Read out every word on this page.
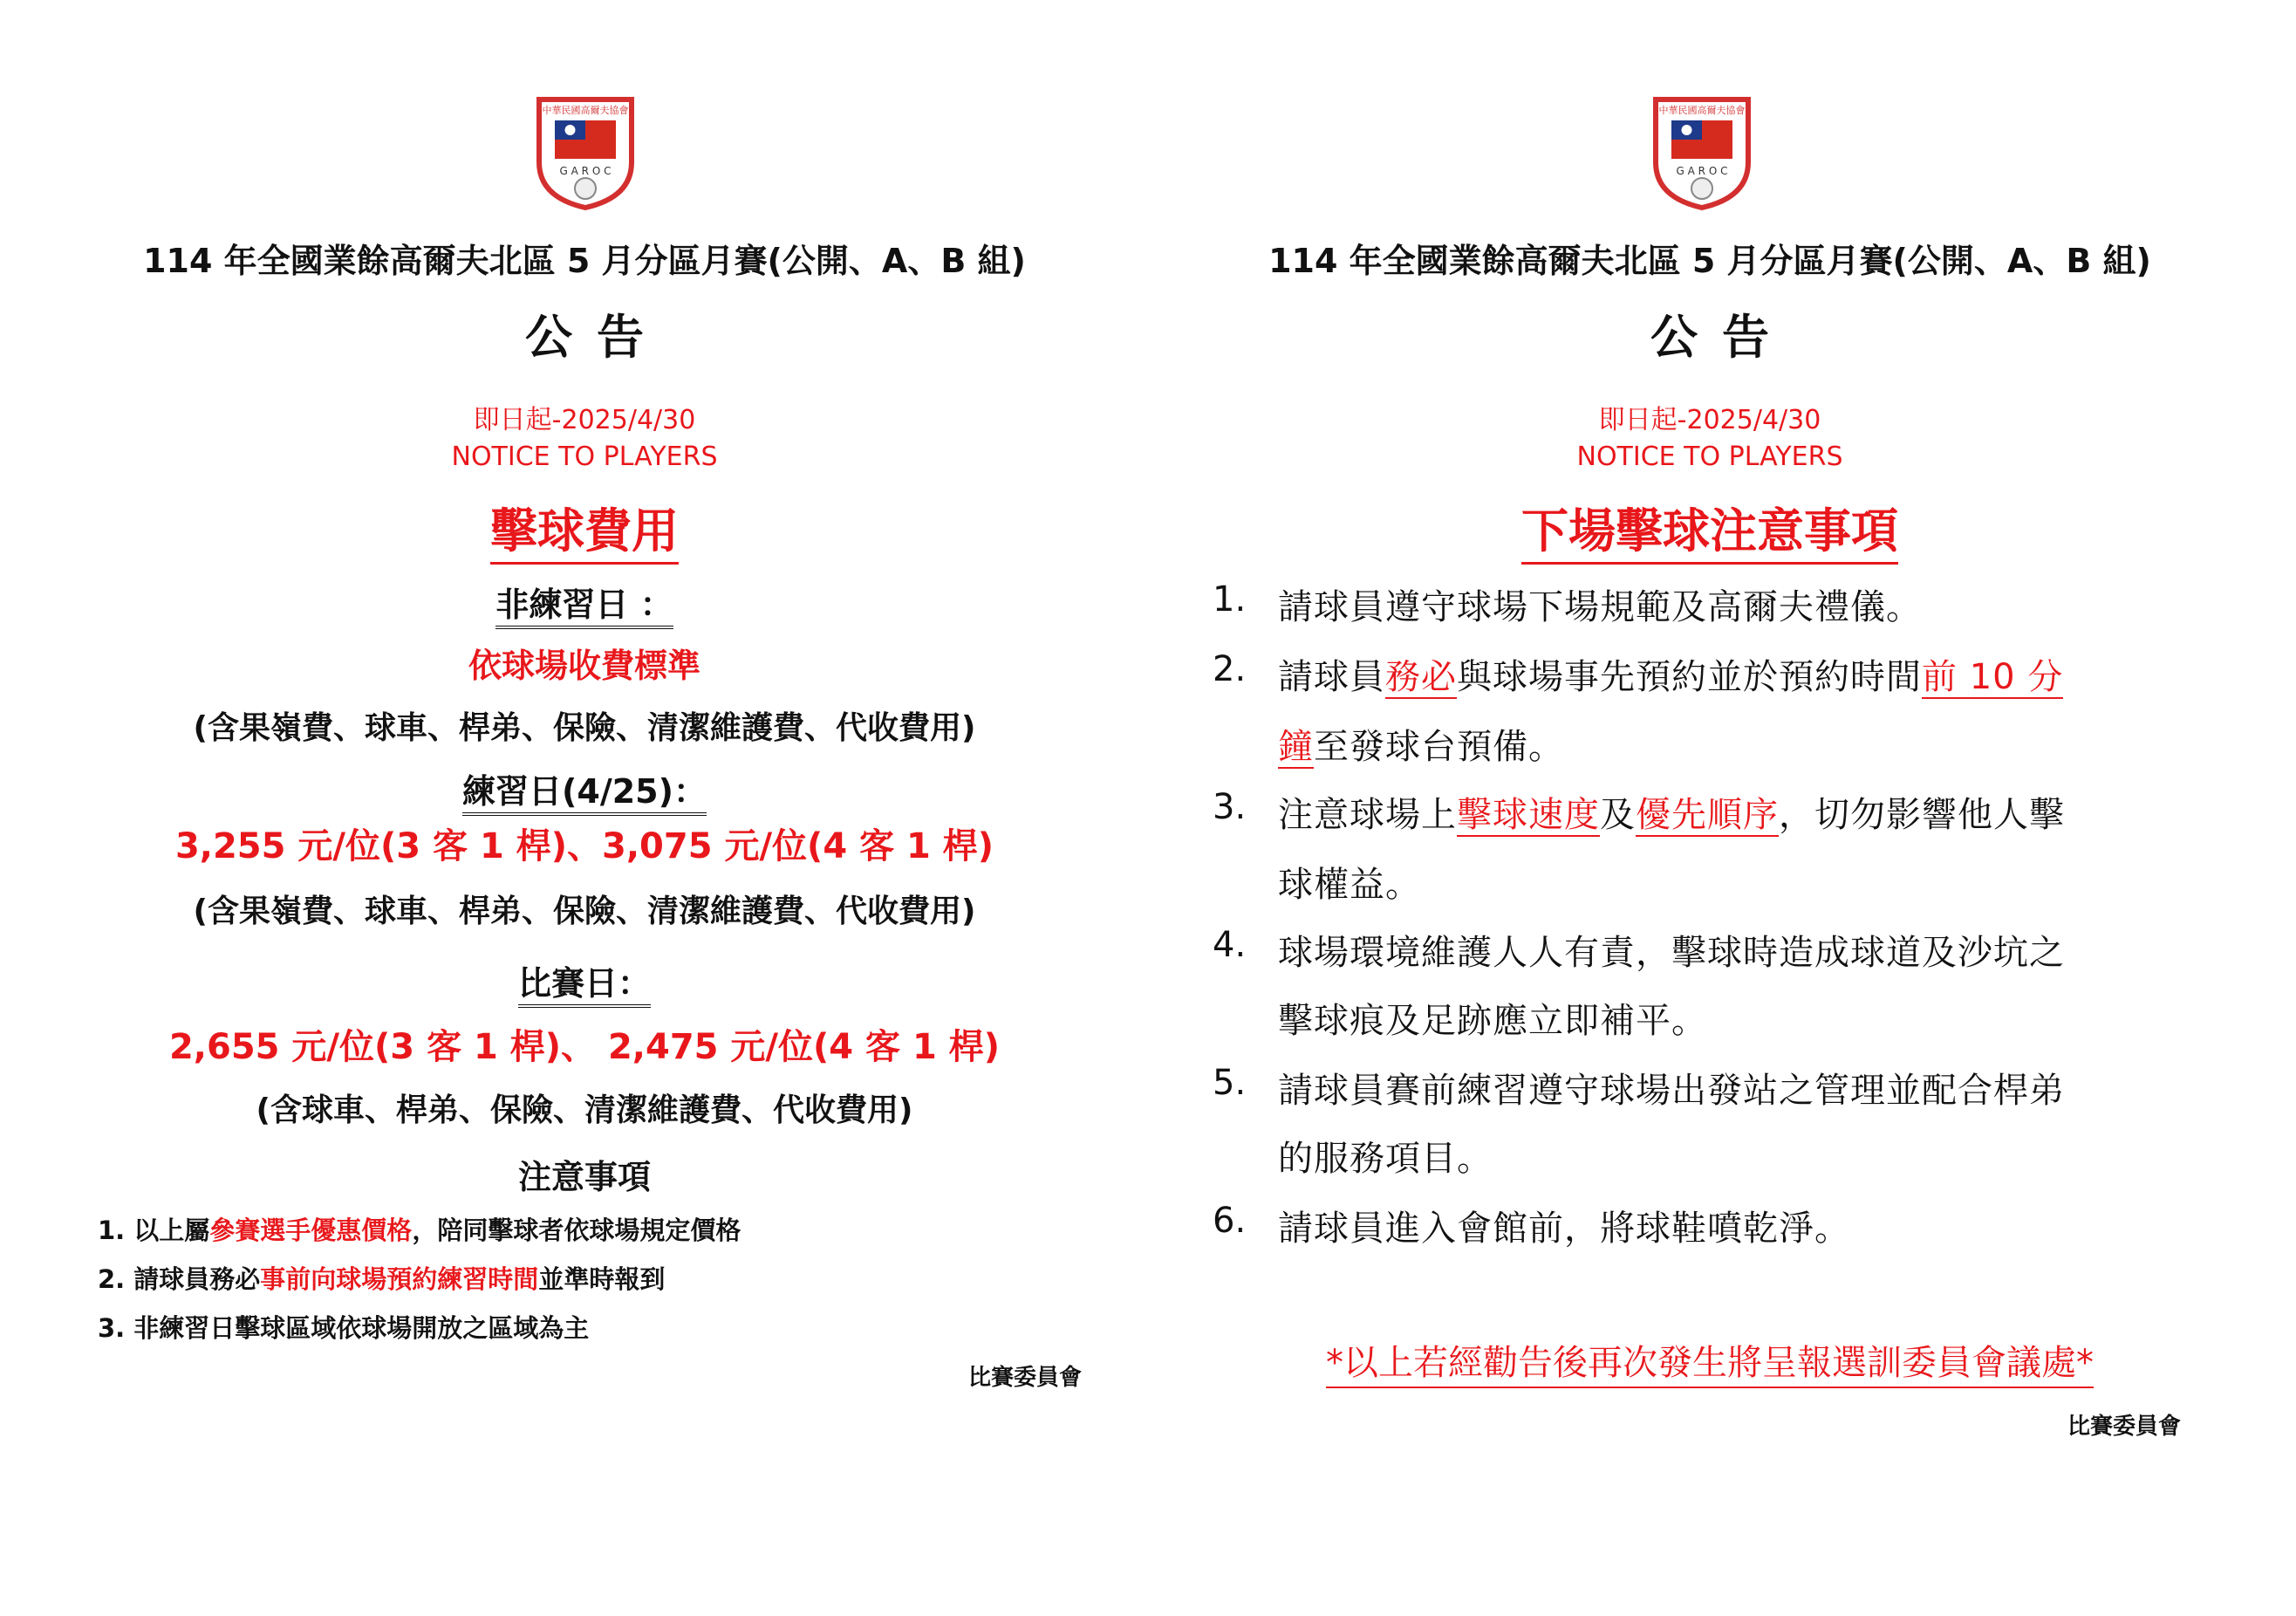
中華民國高爾夫協會
G A R O C
114 年全國業餘高爾夫北區 5 月分區月賽(公開、A、B 組)
公告
即日起-2025/4/30
NOTICE TO PLAYERS
擊球費用
非練習日 ：
依球場收費標準
(含果嶺費、球車、桿弟、保險、清潔維護費、代收費用)
練習日(4/25)：
3,255 元/位(3 客 1 桿)、3,075 元/位(4 客 1 桿)
(含果嶺費、球車、桿弟、保險、清潔維護費、代收費用)
比賽日：
2,655 元/位(3 客 1 桿)、 2,475 元/位(4 客 1 桿)
(含球車、桿弟、保險、清潔維護費、代收費用)
注意事項
1. 以上屬參賽選手優惠價格，陪同擊球者依球場規定價格
2. 請球員務必事前向球場預約練習時間並準時報到
3. 非練習日擊球區域依球場開放之區域為主
比賽委員會
中華民國高爾夫協會
G A R O C
114 年全國業餘高爾夫北區 5 月分區月賽(公開、A、B 組)
公告
即日起-2025/4/30
NOTICE TO PLAYERS
下場擊球注意事項
1. 請球員遵守球場下場規範及高爾夫禮儀。
2. 請球員務必與球場事先預約並於預約時間前 10 分
鐘至發球台預備。
3. 注意球場上擊球速度及優先順序，切勿影響他人擊
球權益。
4. 球場環境維護人人有責，擊球時造成球道及沙坑之
擊球痕及足跡應立即補平。
5. 請球員賽前練習遵守球場出發站之管理並配合桿弟
的服務項目。
6. 請球員進入會館前，將球鞋噴乾淨。
*以上若經勸告後再次發生將呈報選訓委員會議處*
比賽委員會
